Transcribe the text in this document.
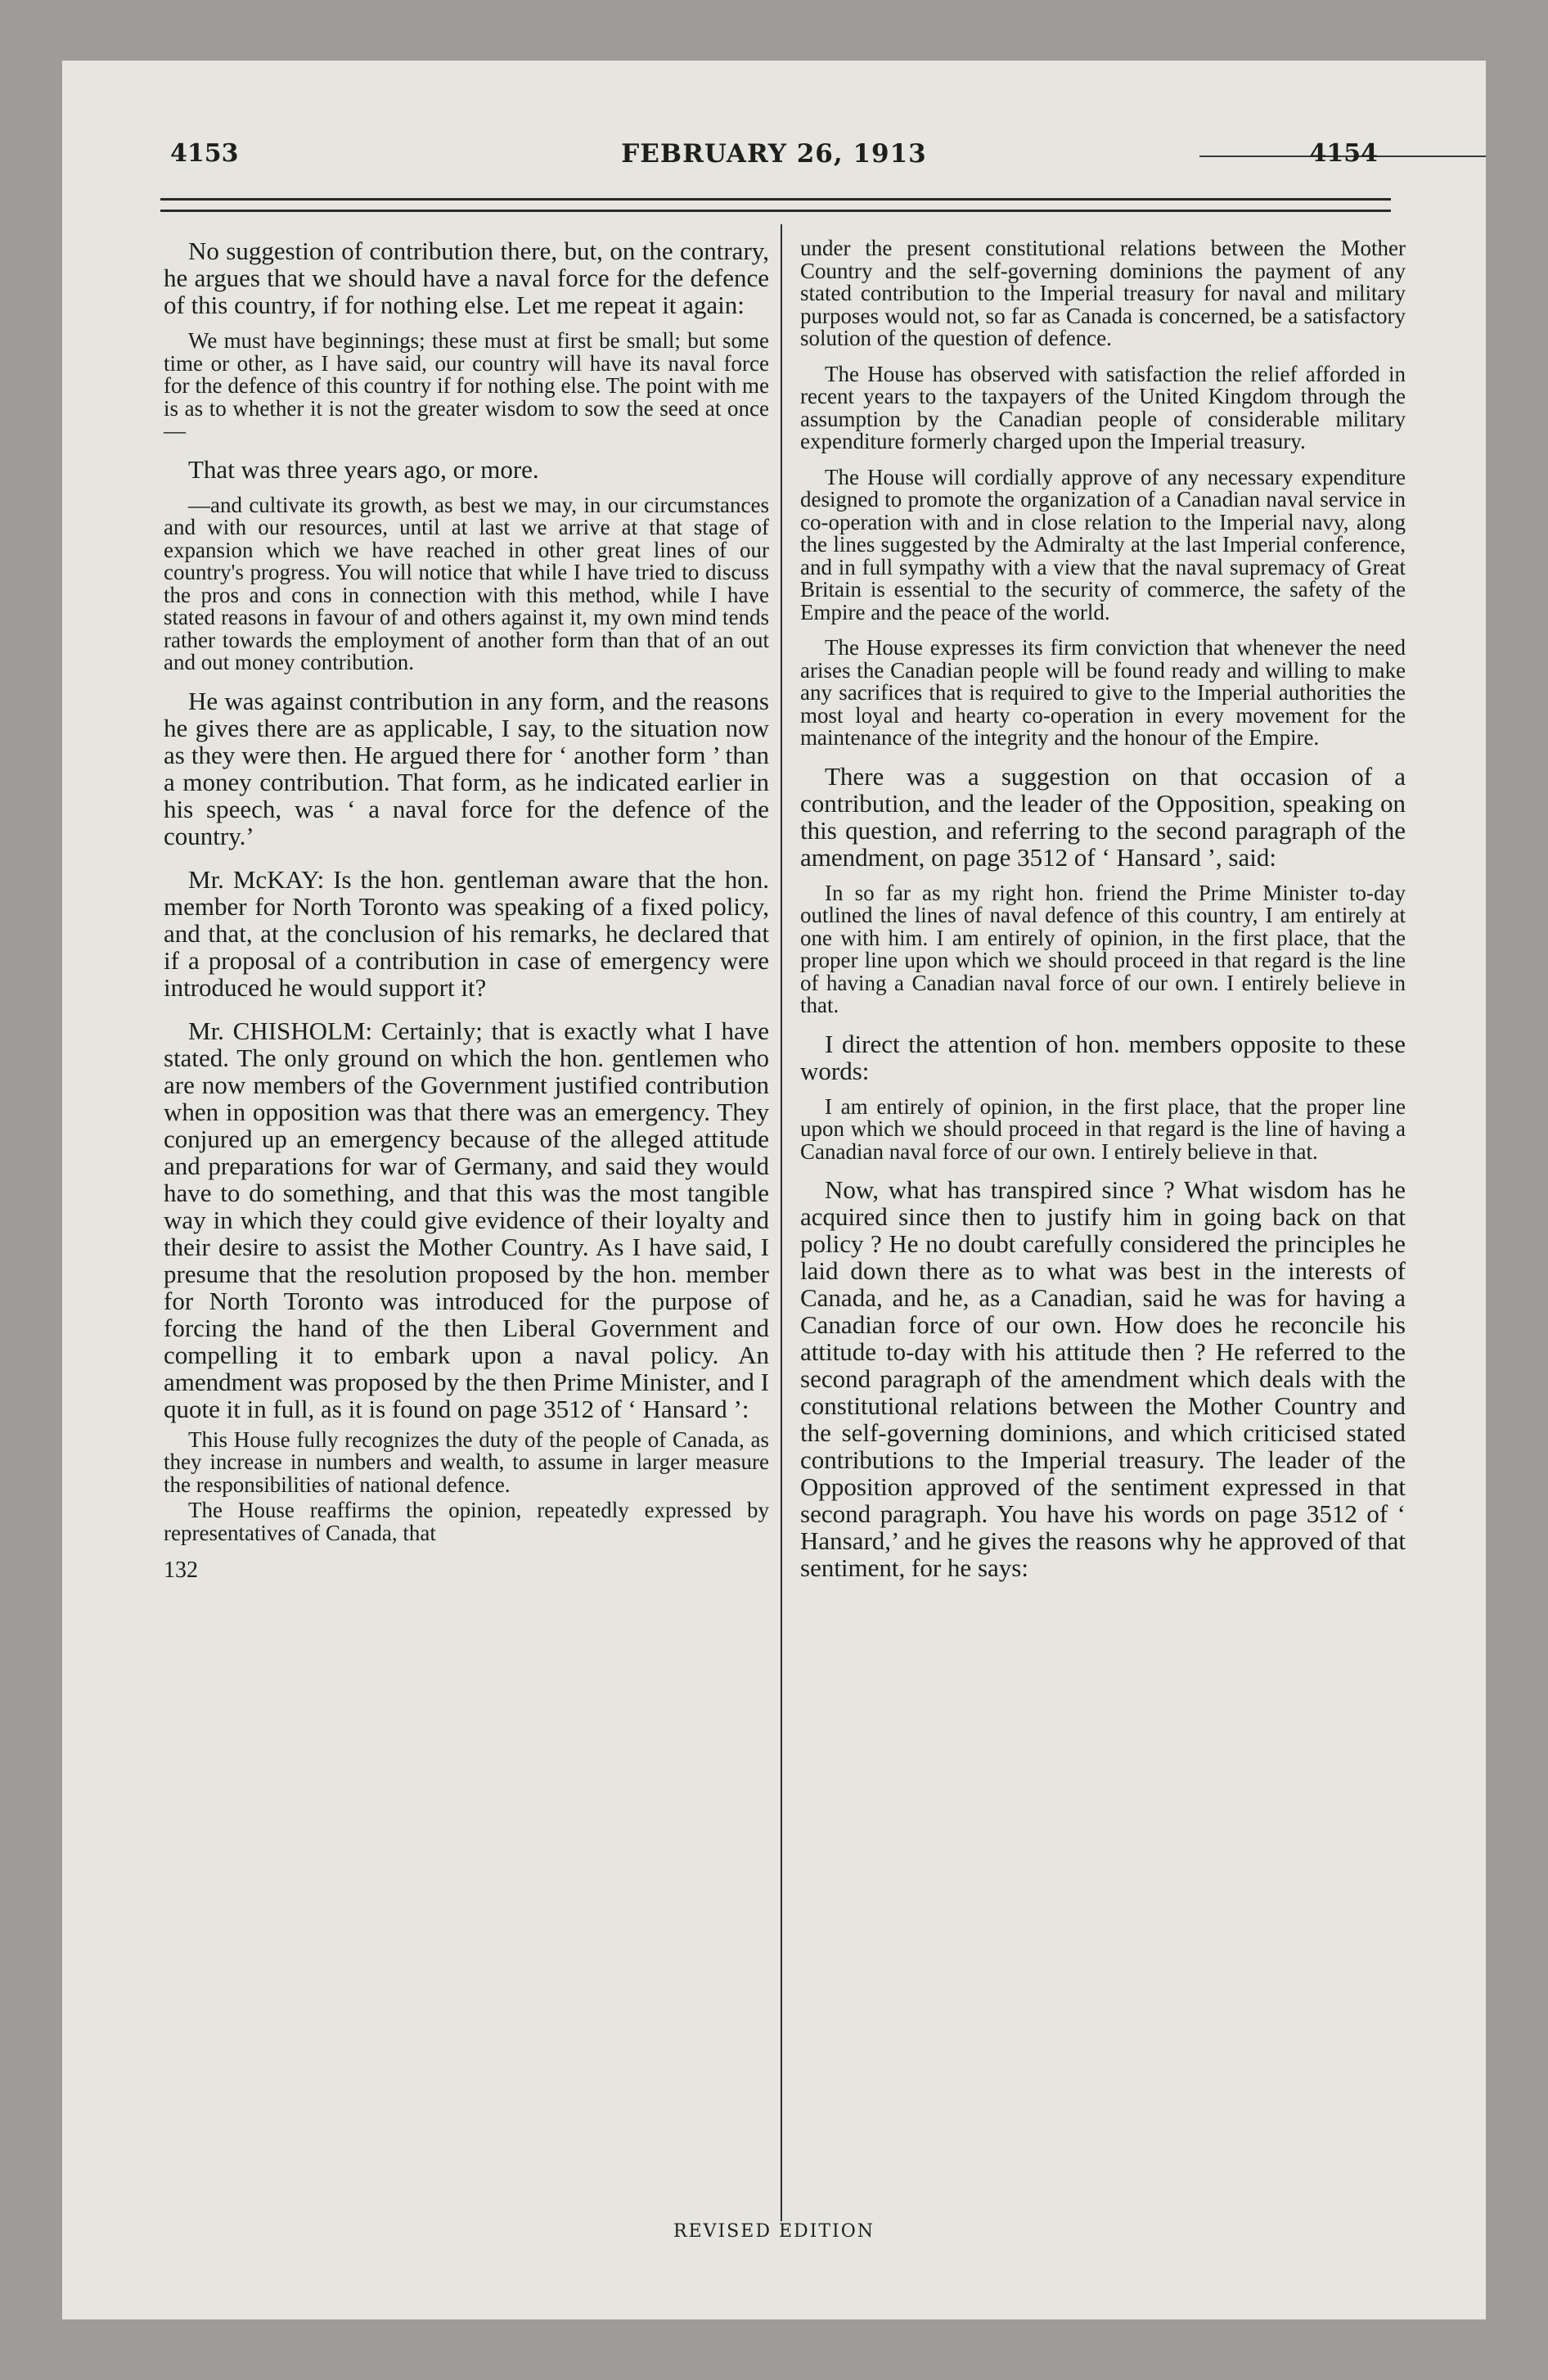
4153	FEBRUARY 26, 1913	4154

No suggestion of contribution there, but, on the contrary, he argues that we should have a naval force for the defence of this country, if for nothing else. Let me repeat it again:

We must have beginnings; these must at first be small; but some time or other, as I have said, our country will have its naval force for the defence of this country if for nothing else. The point with me is as to whether it is not the greater wisdom to sow the seed at once—

That was three years ago, or more.

—and cultivate its growth, as best we may, in our circumstances and with our resources, until at last we arrive at that stage of expansion which we have reached in other great lines of our country's progress. You will notice that while I have tried to discuss the pros and cons in connection with this method, while I have stated reasons in favour of and others against it, my own mind tends rather towards the employment of another form than that of an out and out money contribution.

He was against contribution in any form, and the reasons he gives there are as applicable, I say, to the situation now as they were then. He argued there for ‘ another form ’ than a money contribution. That form, as he indicated earlier in his speech, was ‘ a naval force for the defence of the country.’

Mr. McKAY: Is the hon. gentleman aware that the hon. member for North Toronto was speaking of a fixed policy, and that, at the conclusion of his remarks, he declared that if a proposal of a contribution in case of emergency were introduced he would support it?

Mr. CHISHOLM: Certainly; that is exactly what I have stated. The only ground on which the hon. gentlemen who are now members of the Government justified contribution when in opposition was that there was an emergency. They conjured up an emergency because of the alleged attitude and preparations for war of Germany, and said they would have to do something, and that this was the most tangible way in which they could give evidence of their loyalty and their desire to assist the Mother Country. As I have said, I presume that the resolution proposed by the hon. member for North Toronto was introduced for the purpose of forcing the hand of the then Liberal Government and compelling it to embark upon a naval policy. An amendment was proposed by the then Prime Minister, and I quote it in full, as it is found on page 3512 of ‘ Hansard ’:

This House fully recognizes the duty of the people of Canada, as they increase in numbers and wealth, to assume in larger measure the responsibilities of national defence.

The House reaffirms the opinion, repeatedly expressed by representatives of Canada, that

132

under the present constitutional relations between the Mother Country and the self-governing dominions the payment of any stated contribution to the Imperial treasury for naval and military purposes would not, so far as Canada is concerned, be a satisfactory solution of the question of defence.

The House has observed with satisfaction the relief afforded in recent years to the taxpayers of the United Kingdom through the assumption by the Canadian people of considerable military expenditure formerly charged upon the Imperial treasury.

The House will cordially approve of any necessary expenditure designed to promote the organization of a Canadian naval service in co-operation with and in close relation to the Imperial navy, along the lines suggested by the Admiralty at the last Imperial conference, and in full sympathy with a view that the naval supremacy of Great Britain is essential to the security of commerce, the safety of the Empire and the peace of the world.

The House expresses its firm conviction that whenever the need arises the Canadian people will be found ready and willing to make any sacrifices that is required to give to the Imperial authorities the most loyal and hearty co-operation in every movement for the maintenance of the integrity and the honour of the Empire.

There was a suggestion on that occasion of a contribution, and the leader of the Opposition, speaking on this question, and referring to the second paragraph of the amendment, on page 3512 of ‘ Hansard ’, said:

In so far as my right hon. friend the Prime Minister to-day outlined the lines of naval defence of this country, I am entirely at one with him. I am entirely of opinion, in the first place, that the proper line upon which we should proceed in that regard is the line of having a Canadian naval force of our own. I entirely believe in that.

I direct the attention of hon. members opposite to these words:

I am entirely of opinion, in the first place, that the proper line upon which we should proceed in that regard is the line of having a Canadian naval force of our own. I entirely believe in that.

Now, what has transpired since ? What wisdom has he acquired since then to justify him in going back on that policy ? He no doubt carefully considered the principles he laid down there as to what was best in the interests of Canada, and he, as a Canadian, said he was for having a Canadian force of our own. How does he reconcile his attitude to-day with his attitude then ? He referred to the second paragraph of the amendment which deals with the constitutional relations between the Mother Country and the self-governing dominions, and which criticised stated contributions to the Imperial treasury. The leader of the Opposition approved of the sentiment expressed in that second paragraph. You have his words on page 3512 of ‘ Hansard,’ and he gives the reasons why he approved of that sentiment, for he says:

REVISED EDITION
